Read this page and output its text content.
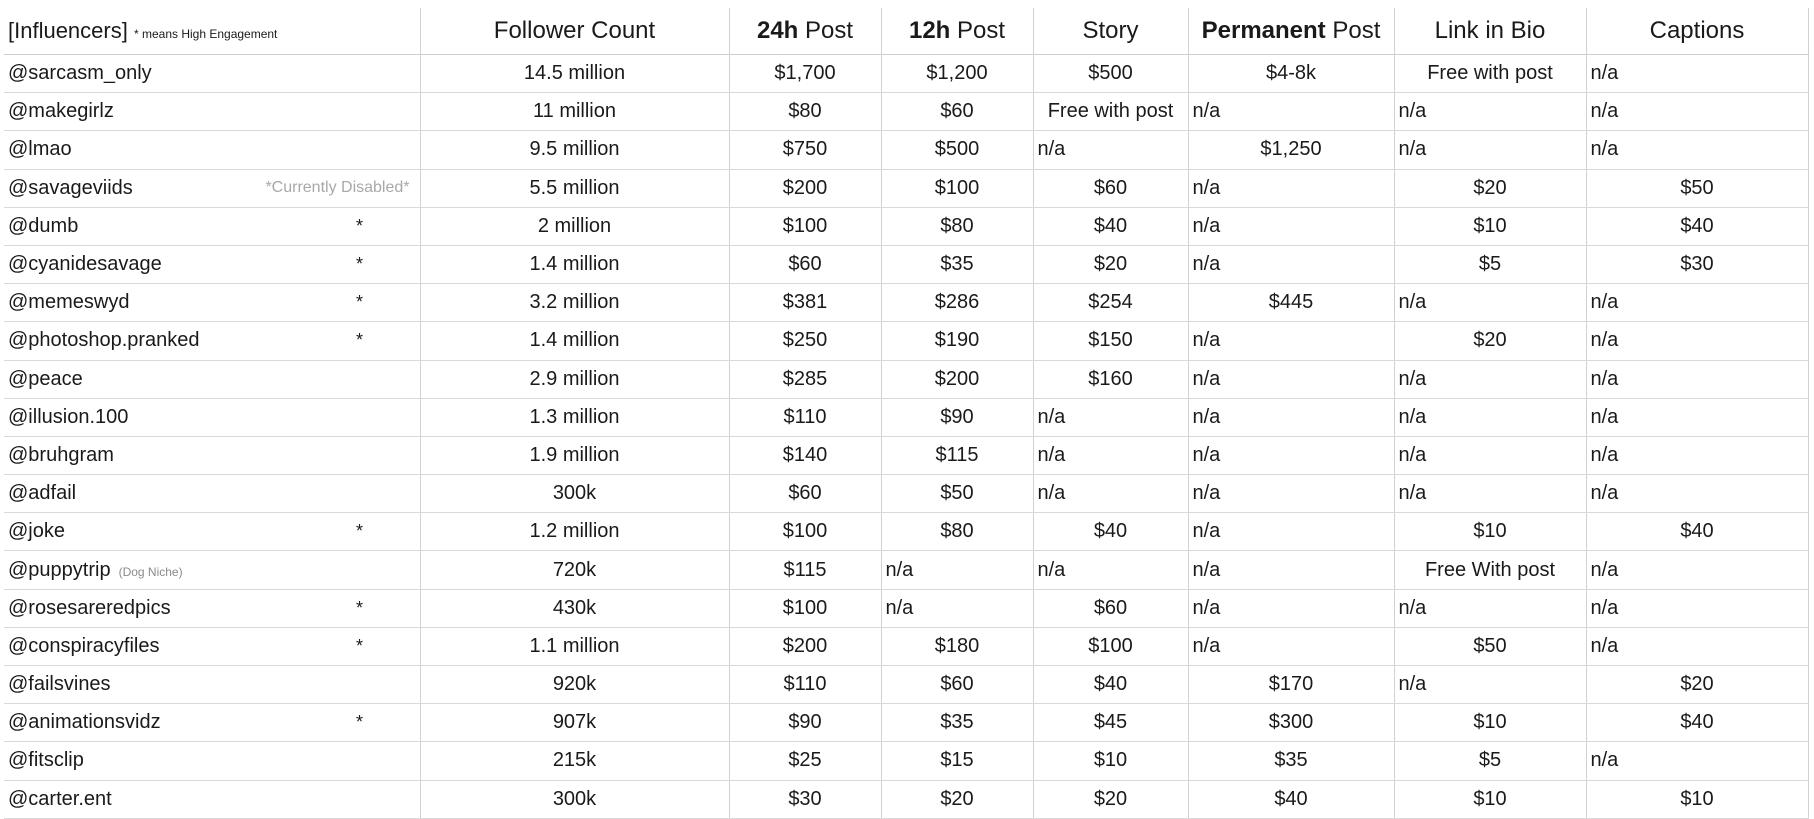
[Influencers] * means High Engagement	Follower Count	24h Post	12h Post	Story	Permanent Post	Link in Bio	Captions

@sarcasm_only	14.5 million	$1,700	$1,200	$500	$4-8k	Free with post	n/a

@makegirlz	11 million	$80	$60	Free with post	n/a	n/a	n/a

@lmao	9.5 million	$750	$500	n/a	$1,250	n/a	n/a

@savageviids *Currently Disabled*	5.5 million	$200	$100	$60	n/a	$20	$50

@dumb *	2 million	$100	$80	$40	n/a	$10	$40

@cyanidesavage *	1.4 million	$60	$35	$20	n/a	$5	$30

@memeswyd *	3.2 million	$381	$286	$254	$445	n/a	n/a

@photoshop.pranked *	1.4 million	$250	$190	$150	n/a	$20	n/a

@peace	2.9 million	$285	$200	$160	n/a	n/a	n/a

@illusion.100	1.3 million	$110	$90	n/a	n/a	n/a	n/a

@bruhgram	1.9 million	$140	$115	n/a	n/a	n/a	n/a

@adfail	300k	$60	$50	n/a	n/a	n/a	n/a

@joke *	1.2 million	$100	$80	$40	n/a	$10	$40

@puppytrip (Dog Niche)	720k	$115	n/a	n/a	n/a	Free With post	n/a

@rosesareredpics *	430k	$100	n/a	$60	n/a	n/a	n/a

@conspiracyfiles *	1.1 million	$200	$180	$100	n/a	$50	n/a

@failsvines	920k	$110	$60	$40	$170	n/a	$20

@animationsvidz *	907k	$90	$35	$45	$300	$10	$40

@fitsclip	215k	$25	$15	$10	$35	$5	n/a

@carter.ent	300k	$30	$20	$20	$40	$10	$10
